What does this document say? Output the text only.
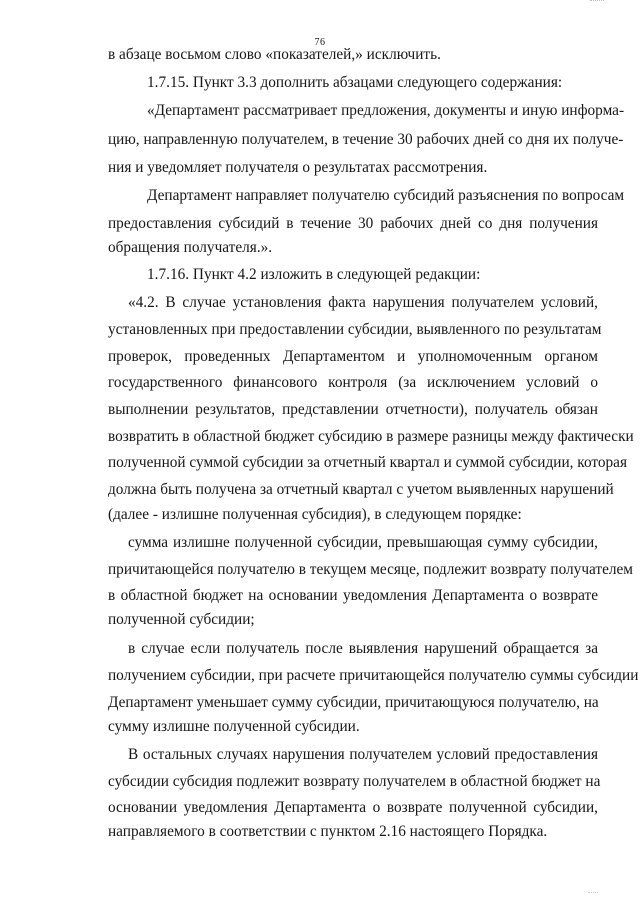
76
в абзаце восьмом слово «показателей,» исключить.
1.7.15. Пункт 3.3 дополнить абзацами следующего содержания:
«Департамент рассматривает предложения, документы и иную информа-
цию, направленную получателем, в течение 30 рабочих дней со дня их получе-
ния и уведомляет получателя о результатах рассмотрения.
Департамент направляет получателю субсидий разъяснения по вопросам
предоставления субсидий в течение 30 рабочих дней со дня получения
обращения получателя.».
1.7.16. Пункт 4.2 изложить в следующей редакции:
«4.2. В случае установления факта нарушения получателем условий,
установленных при предоставлении субсидии, выявленного по результатам
проверок, проведенных Департаментом и уполномоченным органом
государственного финансового контроля (за исключением условий о
выполнении результатов, представлении отчетности), получатель обязан
возвратить в областной бюджет субсидию в размере разницы между фактически
полученной суммой субсидии за отчетный квартал и суммой субсидии, которая
должна быть получена за отчетный квартал с учетом выявленных нарушений
(далее - излишне полученная субсидия), в следующем порядке:
сумма излишне полученной субсидии, превышающая сумму субсидии,
причитающейся получателю в текущем месяце, подлежит возврату получателем
в областной бюджет на основании уведомления Департамента о возврате
полученной субсидии;
в случае если получатель после выявления нарушений обращается за
получением субсидии, при расчете причитающейся получателю суммы субсидии
Департамент уменьшает сумму субсидии, причитающуюся получателю, на
сумму излишне полученной субсидии.
В остальных случаях нарушения получателем условий предоставления
субсидии субсидия подлежит возврату получателем в областной бюджет на
основании уведомления Департамента о возврате полученной субсидии,
направляемого в соответствии с пунктом 2.16 настоящего Порядка.
